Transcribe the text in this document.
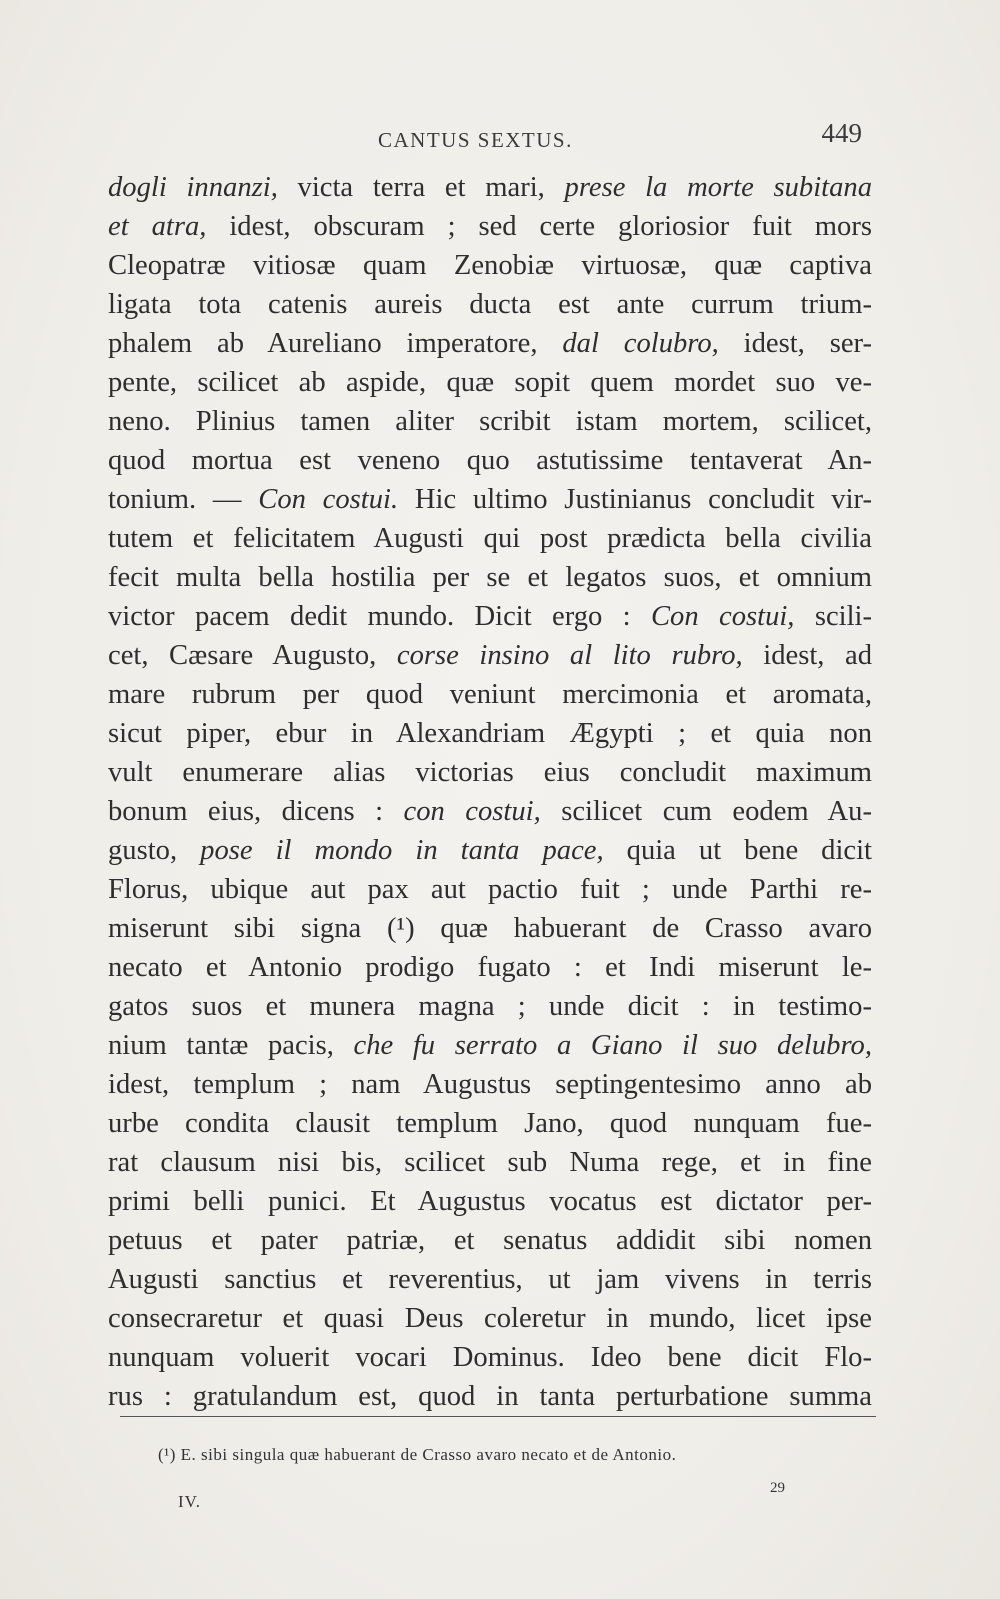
CANTUS SEXTUS.	449
dogli innanzi, victa terra et mari, prese la morte subitana
et atra, idest, obscuram ; sed certe gloriosior fuit mors
Cleopatræ vitiosæ quam Zenobiæ virtuosæ, quæ captiva
ligata tota catenis aureis ducta est ante currum trium-
phalem ab Aureliano imperatore, dal colubro, idest, ser-
pente, scilicet ab aspide, quæ sopit quem mordet suo ve-
neno. Plinius tamen aliter scribit istam mortem, scilicet,
quod mortua est veneno quo astutissime tentaverat An-
tonium. — Con costui. Hic ultimo Justinianus concludit vir-
tutem et felicitatem Augusti qui post prædicta bella civilia
fecit multa bella hostilia per se et legatos suos, et omnium
victor pacem dedit mundo. Dicit ergo : Con costui, scili-
cet, Cæsare Augusto, corse insino al lito rubro, idest, ad
mare rubrum per quod veniunt mercimonia et aromata,
sicut piper, ebur in Alexandriam Ægypti ; et quia non
vult enumerare alias victorias eius concludit maximum
bonum eius, dicens : con costui, scilicet cum eodem Au-
gusto, pose il mondo in tanta pace, quia ut bene dicit
Florus, ubique aut pax aut pactio fuit ; unde Parthi re-
miserunt sibi signa (¹) quæ habuerant de Crasso avaro
necato et Antonio prodigo fugato : et Indi miserunt le-
gatos suos et munera magna ; unde dicit : in testimo-
nium tantæ pacis, che fu serrato a Giano il suo delubro,
idest, templum ; nam Augustus septingentesimo anno ab
urbe condita clausit templum Jano, quod nunquam fue-
rat clausum nisi bis, scilicet sub Numa rege, et in fine
primi belli punici. Et Augustus vocatus est dictator per-
petuus et pater patriæ, et senatus addidit sibi nomen
Augusti sanctius et reverentius, ut jam vivens in terris
consecraretur et quasi Deus coleretur in mundo, licet ipse
nunquam voluerit vocari Dominus. Ideo bene dicit Flo-
rus : gratulandum est, quod in tanta perturbatione summa
(¹) E. sibi singula quæ habuerant de Crasso avaro necato et de Antonio.
IV.
29
